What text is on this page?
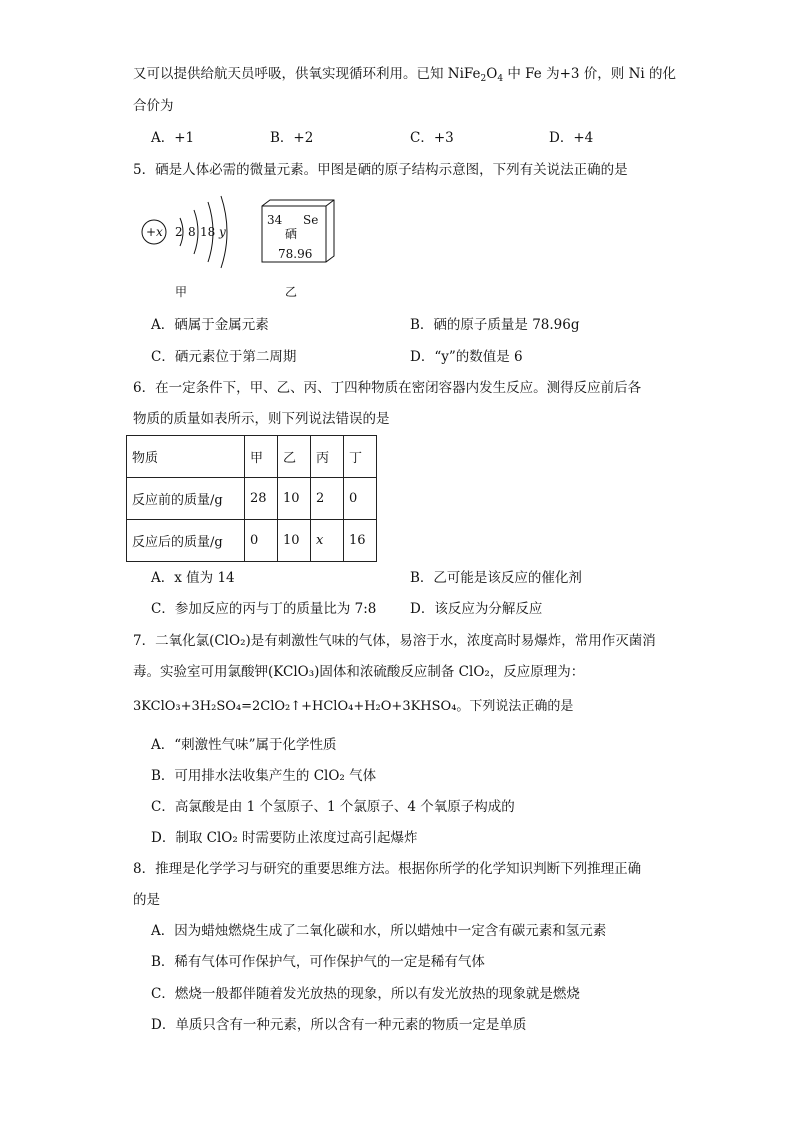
又可以提供给航天员呼吸，供氧实现循环利用。已知 $NiFe_2O_4$ 中 Fe 为+3 价，则 Ni 的化
合价为
A．+1	B．+2	C．+3	D．+4
5．硒是人体必需的微量元素。甲图是硒的原子结构示意图，下列有关说法正确的是
+x 2 8 18 y
甲
34 Se
硒
78.96
乙
A．硒属于金属元素	B．硒的原子质量是 78.96g
C．硒元素位于第二周期	D．“y”的数值是 6
6．在一定条件下，甲、乙、丙、丁四种物质在密闭容器内发生反应。测得反应前后各
物质的质量如表所示，则下列说法错误的是
物质	甲	乙	丙	丁
反应前的质量/g	28	10	2	0
反应后的质量/g	0	10	x	16
A．x 值为 14	B．乙可能是该反应的催化剂
C．参加反应的丙与丁的质量比为 7:8 D．该反应为分解反应
7．二氧化氯(ClO₂)是有刺激性气味的气体，易溶于水，浓度高时易爆炸，常用作灭菌消
毒。实验室可用氯酸钾(KClO₃)固体和浓硫酸反应制备 ClO₂，反应原理为：
3KClO₃+3H₂SO₄=2ClO₂↑+HClO₄+H₂O+3KHSO₄。下列说法正确的是
A．“刺激性气味”属于化学性质
B．可用排水法收集产生的 ClO₂ 气体
C．高氯酸是由 1 个氢原子、1 个氯原子、4 个氧原子构成的
D．制取 ClO₂ 时需要防止浓度过高引起爆炸
8．推理是化学学习与研究的重要思维方法。根据你所学的化学知识判断下列推理正确
的是
A．因为蜡烛燃烧生成了二氧化碳和水，所以蜡烛中一定含有碳元素和氢元素
B．稀有气体可作保护气，可作保护气的一定是稀有气体
C．燃烧一般都伴随着发光放热的现象，所以有发光放热的现象就是燃烧
D．单质只含有一种元素，所以含有一种元素的物质一定是单质
